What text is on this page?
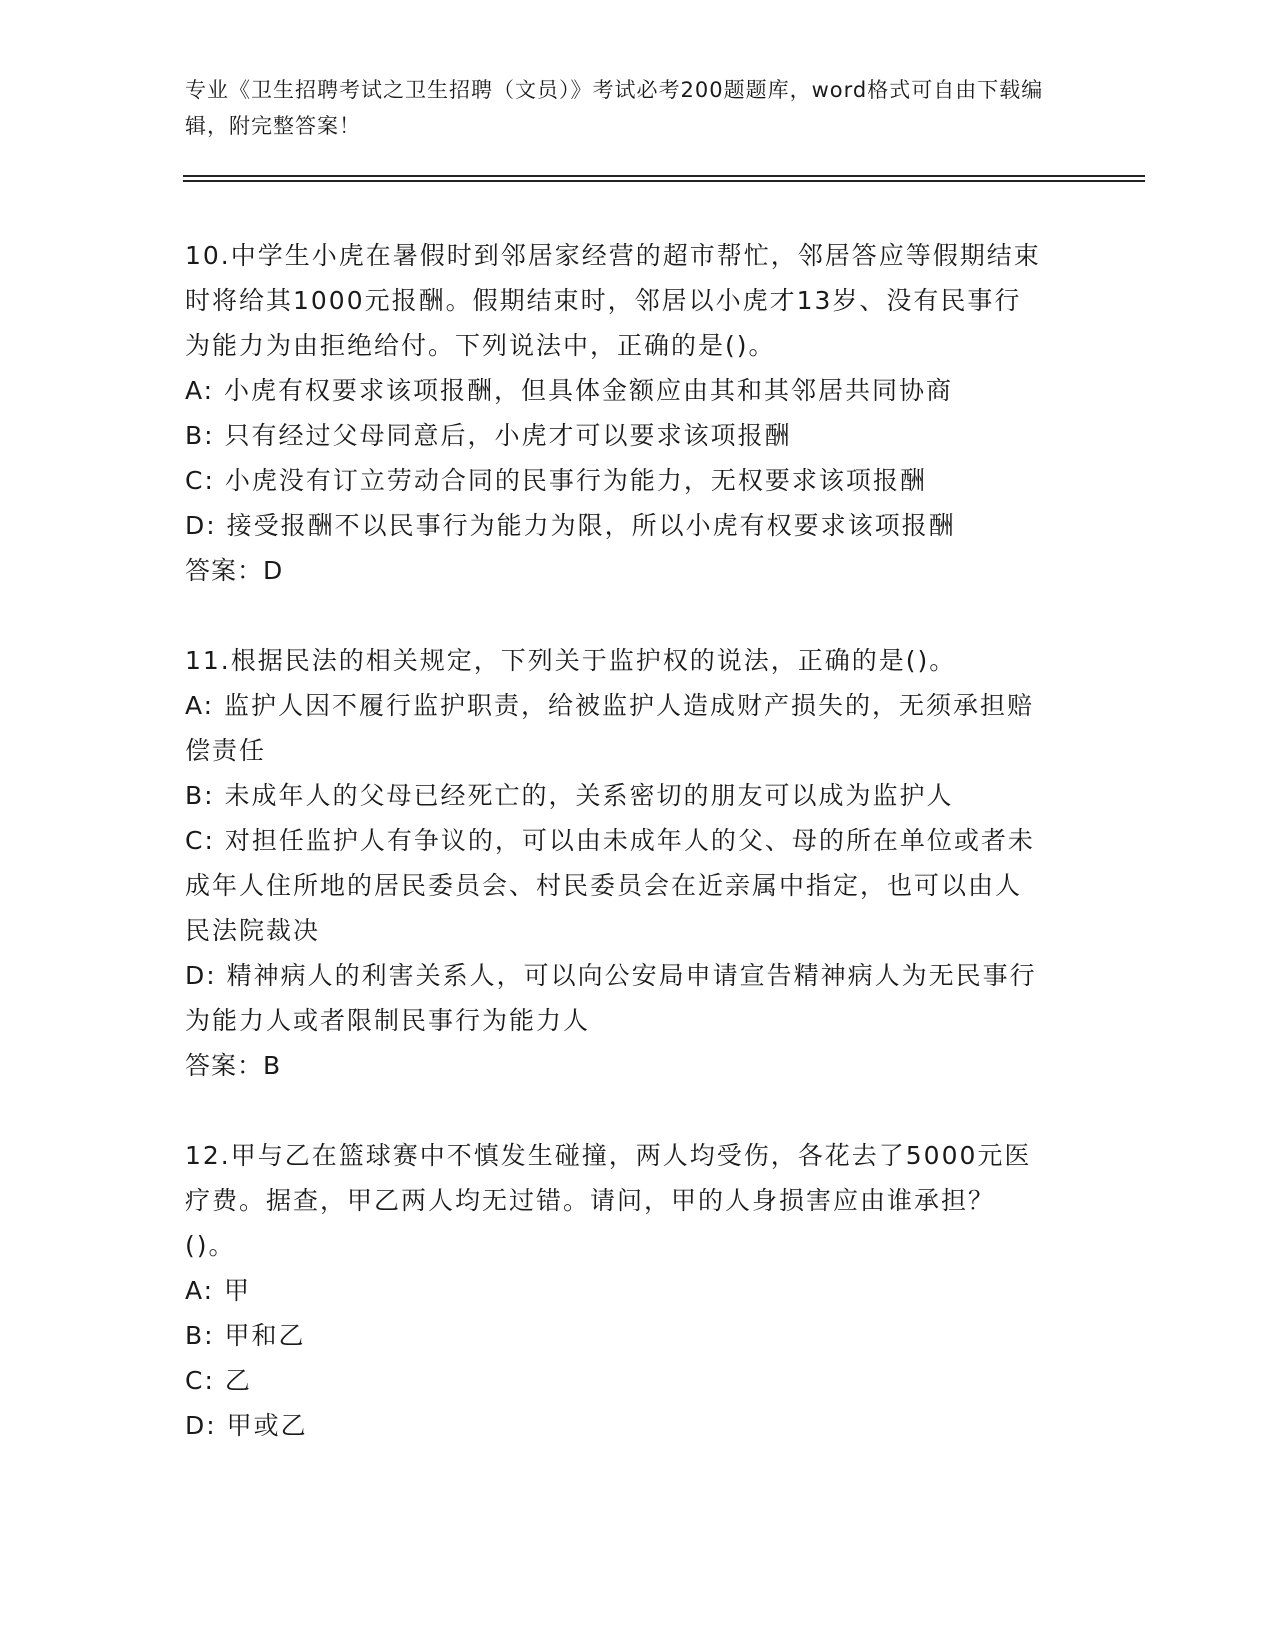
专业《卫生招聘考试之卫生招聘（文员）》考试必考200题题库，word格式可自由下载编辑，附完整答案！
10.中学生小虎在暑假时到邻居家经营的超市帮忙，邻居答应等假期结束时将给其1000元报酬。假期结束时，邻居以小虎才13岁、没有民事行为能力为由拒绝给付。下列说法中，正确的是()。
A: 小虎有权要求该项报酬，但具体金额应由其和其邻居共同协商
B: 只有经过父母同意后，小虎才可以要求该项报酬
C: 小虎没有订立劳动合同的民事行为能力，无权要求该项报酬
D: 接受报酬不以民事行为能力为限，所以小虎有权要求该项报酬
答案：D
11.根据民法的相关规定，下列关于监护权的说法，正确的是()。
A: 监护人因不履行监护职责，给被监护人造成财产损失的，无须承担赔偿责任
B: 未成年人的父母已经死亡的，关系密切的朋友可以成为监护人
C: 对担任监护人有争议的，可以由未成年人的父、母的所在单位或者未成年人住所地的居民委员会、村民委员会在近亲属中指定，也可以由人民法院裁决
D: 精神病人的利害关系人，可以向公安局申请宣告精神病人为无民事行为能力人或者限制民事行为能力人
答案：B
12.甲与乙在篮球赛中不慎发生碰撞，两人均受伤，各花去了5000元医疗费。据查，甲乙两人均无过错。请问，甲的人身损害应由谁承担？()。
A: 甲
B: 甲和乙
C: 乙
D: 甲或乙
